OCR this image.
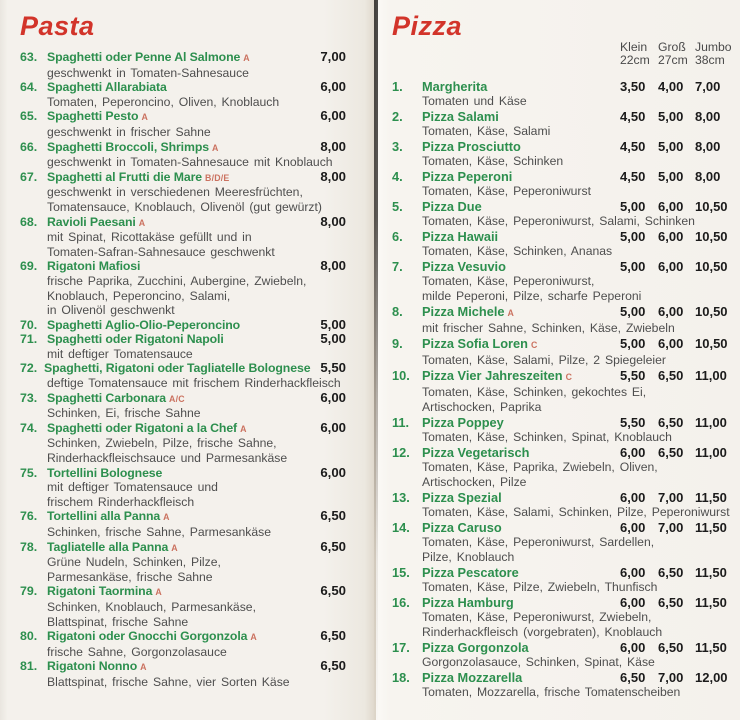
Pasta
63. Spaghetti oder Penne Al Salmone A	7,00
geschwenkt in Tomaten-Sahnesauce
64. Spaghetti Allarabiata	6,00
Tomaten, Peperoncino, Oliven, Knoblauch
65. Spaghetti Pesto A	6,00
geschwenkt in frischer Sahne
66. Spaghetti Broccoli, Shrimps A	8,00
geschwenkt in Tomaten-Sahnesauce mit Knoblauch
67. Spaghetti al Frutti die Mare B/D/E	8,00
geschwenkt in verschiedenen Meeresfrüchten,
Tomatensauce, Knoblauch, Olivenöl (gut gewürzt)
68. Ravioli Paesani A	8,00
mit Spinat, Ricottakäse gefüllt und in
Tomaten-Safran-Sahnesauce geschwenkt
69. Rigatoni Mafiosi	8,00
frische Paprika, Zucchini, Aubergine, Zwiebeln,
Knoblauch, Peperoncino, Salami,
in Olivenöl geschwenkt
70. Spaghetti Aglio-Olio-Peperoncino	5,00
71. Spaghetti oder Rigatoni Napoli	5,00
mit deftiger Tomatensauce
72. Spaghetti, Rigatoni oder Tagliatelle Bolognese 5,50
deftige Tomatensauce mit frischem Rinderhackfleisch
73. Spaghetti Carbonara A/C	6,00
Schinken, Ei, frische Sahne
74. Spaghetti oder Rigatoni a la Chef A	6,00
Schinken, Zwiebeln, Pilze, frische Sahne,
Rinderhackfleischsauce und Parmesankäse
75. Tortellini Bolognese	6,00
mit deftiger Tomatensauce und
frischem Rinderhackfleisch
76. Tortellini alla Panna A	6,50
Schinken, frische Sahne, Parmesankäse
78. Tagliatelle alla Panna A	6,50
Grüne Nudeln, Schinken, Pilze,
Parmesankäse, frische Sahne
79. Rigatoni Taormina A	6,50
Schinken, Knoblauch, Parmesankäse,
Blattspinat, frische Sahne
80. Rigatoni oder Gnocchi Gorgonzola A	6,50
frische Sahne, Gorgonzolasauce
81. Rigatoni Nonno A	6,50
Blattspinat, frische Sahne, vier Sorten Käse
Pizza
Klein
22cm
Groß
27cm
Jumbo
38cm
1.	Margherita	3,50 4,00 7,00
Tomaten und Käse
2.	Pizza Salami	4,50 5,00 8,00
Tomaten, Käse, Salami
3.	Pizza Prosciutto	4,50 5,00 8,00
Tomaten, Käse, Schinken
4.	Pizza Peperoni	4,50 5,00 8,00
Tomaten, Käse, Peperoniwurst
5.	Pizza Due	5,00 6,00 10,50
Tomaten, Käse, Peperoniwurst, Salami, Schinken
6.	Pizza Hawaii	5,00 6,00 10,50
Tomaten, Käse, Schinken, Ananas
7.	Pizza Vesuvio	5,00 6,00 10,50
Tomaten, Käse, Peperoniwurst,
milde Peperoni, Pilze, scharfe Peperoni
8.	Pizza Michele A	5,00 6,00 10,50
mit frischer Sahne, Schinken, Käse, Zwiebeln
9.	Pizza Sofia Loren C	5,00 6,00 10,50
Tomaten, Käse, Salami, Pilze, 2 Spiegeleier
10. Pizza Vier Jahreszeiten C	5,50 6,50 11,00
Tomaten, Käse, Schinken, gekochtes Ei,
Artischocken, Paprika
11.	Pizza Poppey	5,50 6,50 11,00
Tomaten, Käse, Schinken, Spinat, Knoblauch
12. Pizza Vegetarisch	6,00 6,50 11,00
Tomaten, Käse, Paprika, Zwiebeln, Oliven,
Artischocken, Pilze
13. Pizza Spezial	6,00 7,00 11,50
Tomaten, Käse, Salami, Schinken, Pilze, Peperoniwurst
14. Pizza Caruso	6,00 7,00 11,50
Tomaten, Käse, Peperoniwurst, Sardellen,
Pilze, Knoblauch
15. Pizza Pescatore	6,00 6,50 11,50
Tomaten, Käse, Pilze, Zwiebeln, Thunfisch
16. Pizza Hamburg	6,00 6,50 11,50
Tomaten, Käse, Peperoniwurst, Zwiebeln,
Rinderhackfleisch (vorgebraten), Knoblauch
17. Pizza Gorgonzola	6,00 6,50 11,50
Gorgonzolasauce, Schinken, Spinat, Käse
18. Pizza Mozzarella	6,50 7,00 12,00
Tomaten, Mozzarella, frische Tomatenscheiben
